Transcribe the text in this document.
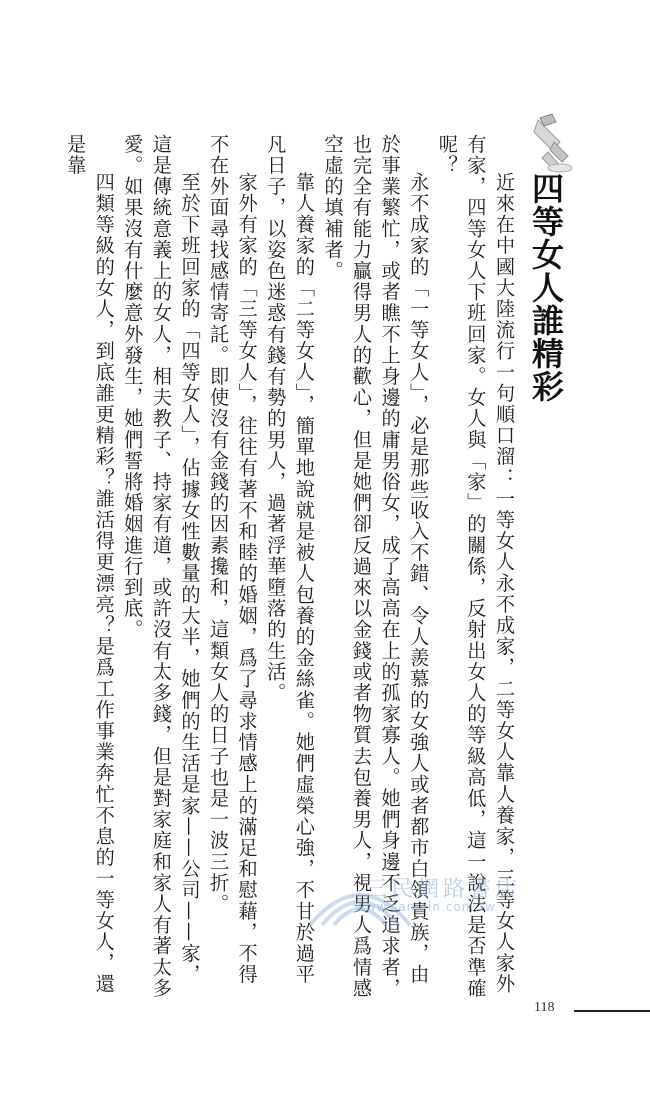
四等女人誰精彩

近來在中國大陸流行一句順口溜：一等女人永不成家，二等女人靠人養家，三等女人家外有家，四等女人下班回家。女人與「家」的關係，反射出女人的等級高低，這一說法是否準確呢？

永不成家的「一等女人」，必是那些收入不錯、令人羨慕的女強人或者都市白領貴族，由於事業繁忙，或者瞧不上身邊的庸男俗女，成了高高在上的孤家寡人。她們身邊不乏追求者，也完全有能力贏得男人的歡心，但是她們卻反過來以金錢或者物質去包養男人，視男人爲情感空虛的填補者。

靠人養家的「二等女人」，簡單地說就是被人包養的金絲雀。她們虛榮心強，不甘於過平凡日子，以姿色迷惑有錢有勢的男人，過著浮華墮落的生活。

家外有家的「三等女人」，往往有著不和睦的婚姻，爲了尋求情感上的滿足和慰藉，不得不在外面尋找感情寄託。即使沒有金錢的因素攙和，這類女人的日子也是一波三折。

至於下班回家的「四等女人」，佔據女性數量的大半，她們的生活是家——公司——家，這是傳統意義上的女人，相夫教子、持家有道，或許沒有太多錢，但是對家庭和家人有著太多愛。如果沒有什麼意外發生，她們誓將婚姻進行到底。

四類等級的女人，到底誰更精彩？誰活得更漂亮？是爲工作事業奔忙不息的一等女人，還是靠

三民網路書店
www.sanmin.com.tw
118
